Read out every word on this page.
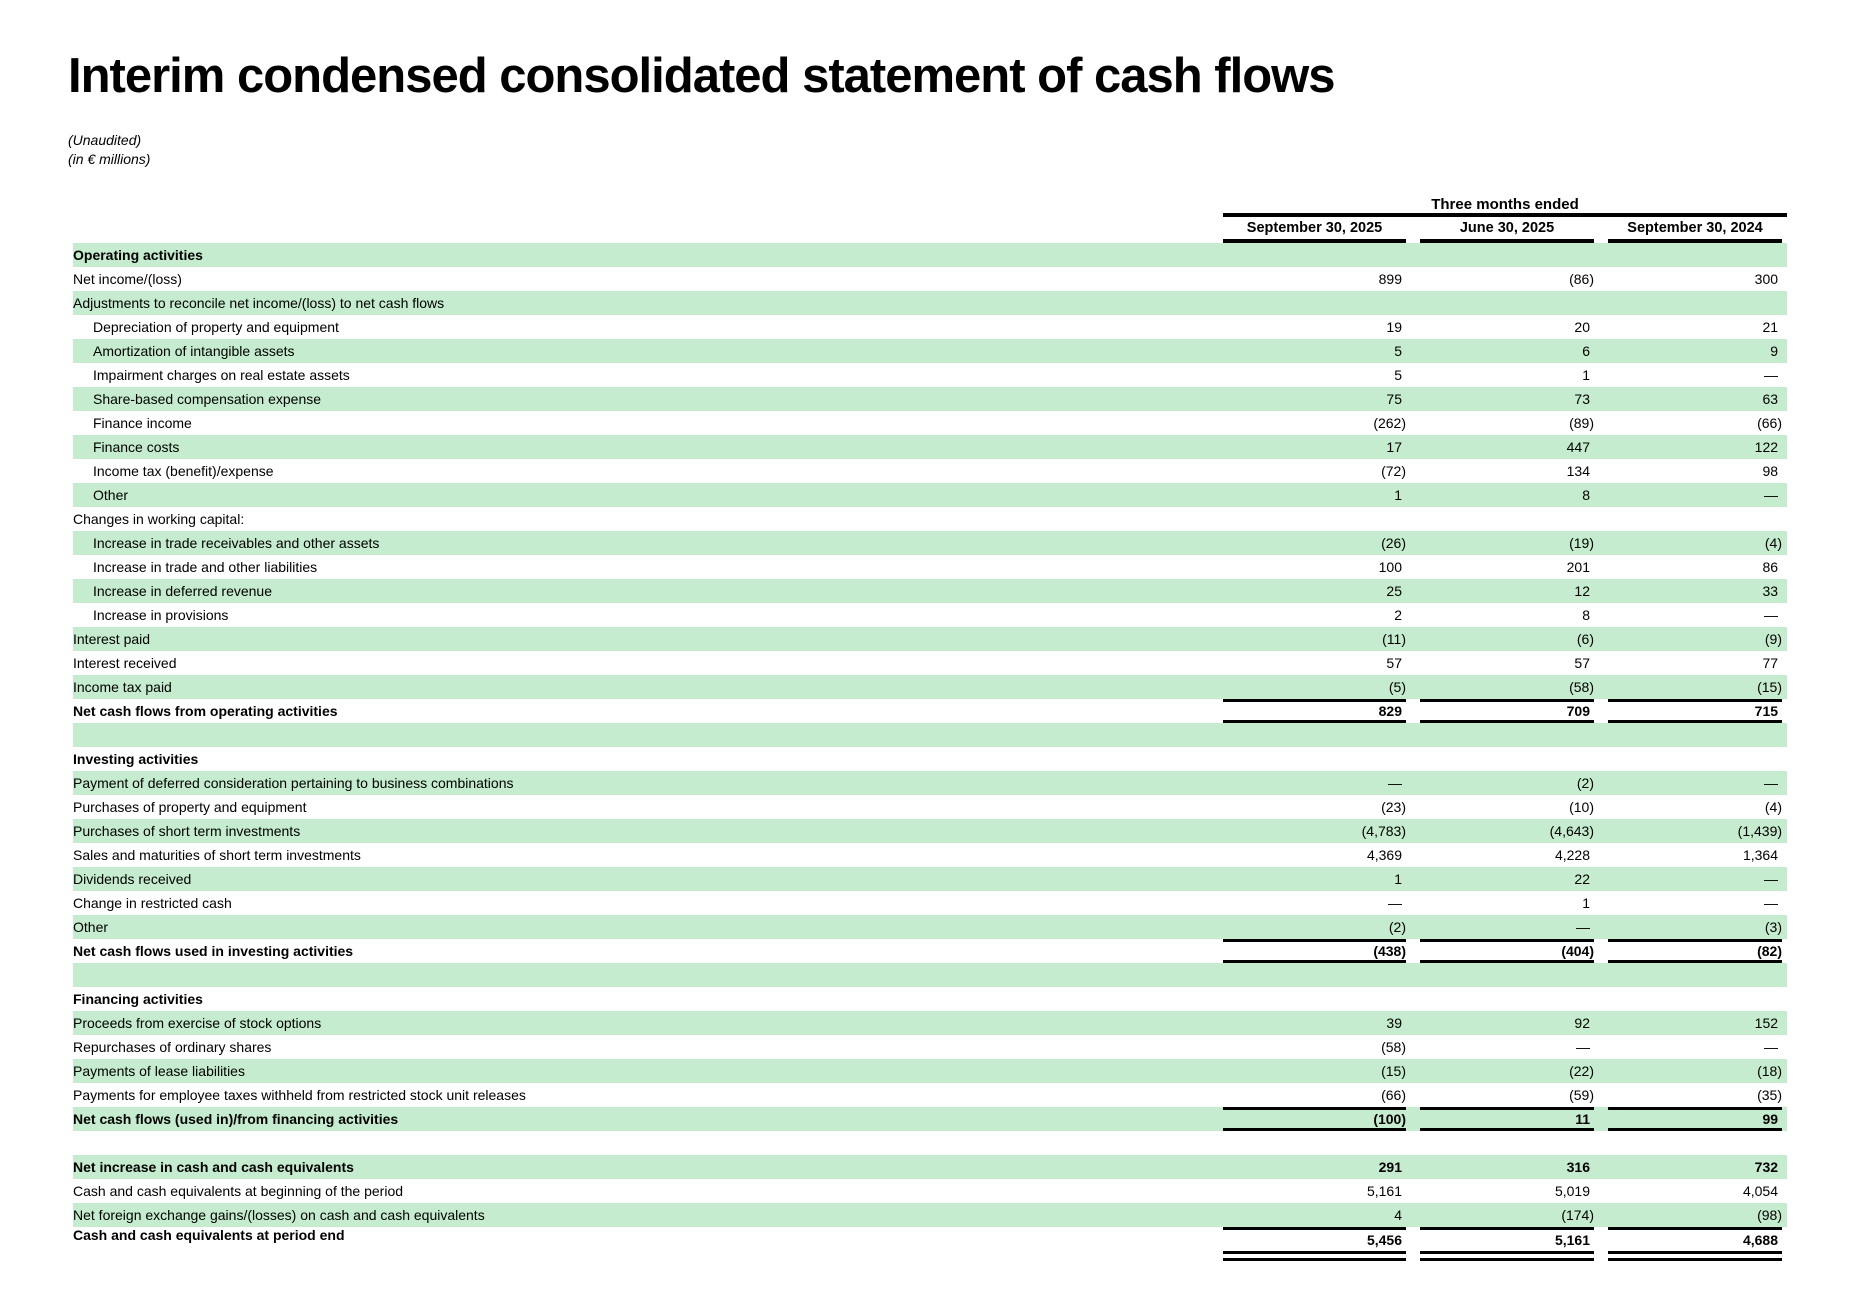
Interim condensed consolidated statement of cash flows
(Unaudited)
(in € millions)
	Three months ended		

	September 30, 2025	June 30, 2025	September 30, 2024

Operating activities	

Net income/(loss)	899	(86)	300

Adjustments to reconcile net income/(loss) to net cash flows	

Depreciation of property and equipment	19	20	21

Amortization of intangible assets	5	6	9

Impairment charges on real estate assets	5	1	—

Share-based compensation expense	75	73	63

Finance income	(262)	(89)	(66)

Finance costs	17	447	122

Income tax (benefit)/expense	(72)	134	98

Other	1	8	—

Changes in working capital:	

Increase in trade receivables and other assets	(26)	(19)	(4)

Increase in trade and other liabilities	100	201	86

Increase in deferred revenue	25	12	33

Increase in provisions	2	8	—

Interest paid	(11)	(6)	(9)

Interest received	57	57	77

Income tax paid	(5)	(58)	(15)

Net cash flows from operating activities	829	709	715

Investing activities	

Payment of deferred consideration pertaining to business combinations	—	(2)	—

Purchases of property and equipment	(23)	(10)	(4)

Purchases of short term investments	(4,783)	(4,643)	(1,439)

Sales and maturities of short term investments	4,369	4,228	1,364

Dividends received	1	22	—

Change in restricted cash	—	1	—

Other	(2)	—	(3)

Net cash flows used in investing activities	(438)	(404)	(82)

Financing activities	

Proceeds from exercise of stock options	39	92	152

Repurchases of ordinary shares	(58)	—	—

Payments of lease liabilities	(15)	(22)	(18)

Payments for employee taxes withheld from restricted stock unit releases	(66)	(59)	(35)

Net cash flows (used in)/from financing activities	(100)	11	99

Net increase in cash and cash equivalents	291	316	732

Cash and cash equivalents at beginning of the period	5,161	5,019	4,054

Net foreign exchange gains/(losses) on cash and cash equivalents	4	(174)	(98)

Cash and cash equivalents at period end	5,456	5,161	4,688
